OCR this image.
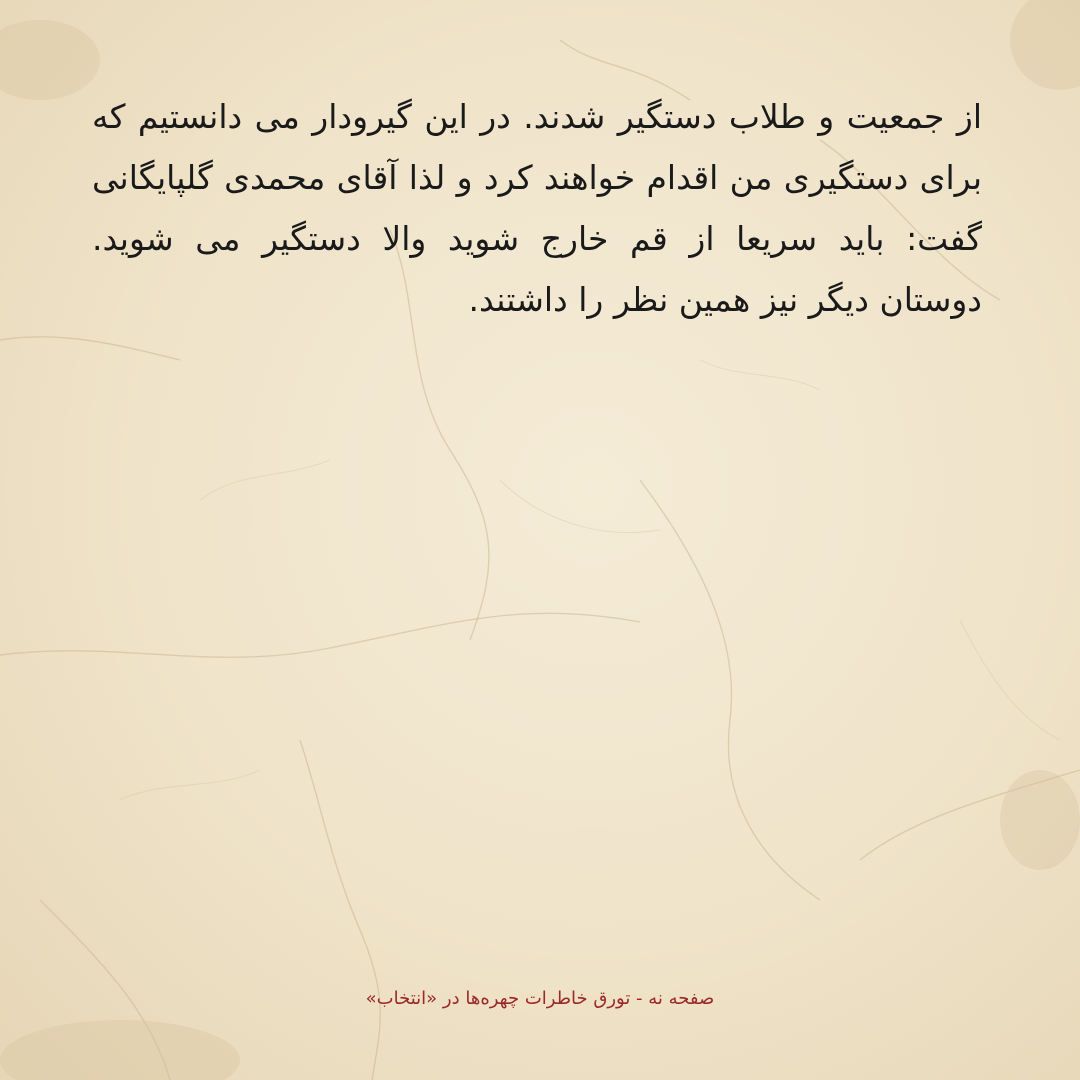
از جمعیت و طلاب دستگیر شدند. در این گیرودار می دانستیم که برای دستگیری من اقدام خواهند کرد و لذا آقای محمدی گلپایگانی گفت: باید سریعا از قم خارج شوید والا دستگیر می شوید. دوستان دیگر نیز همین نظر را داشتند.

صفحه نه - تورق خاطرات چهره‌ها در «انتخاب»
